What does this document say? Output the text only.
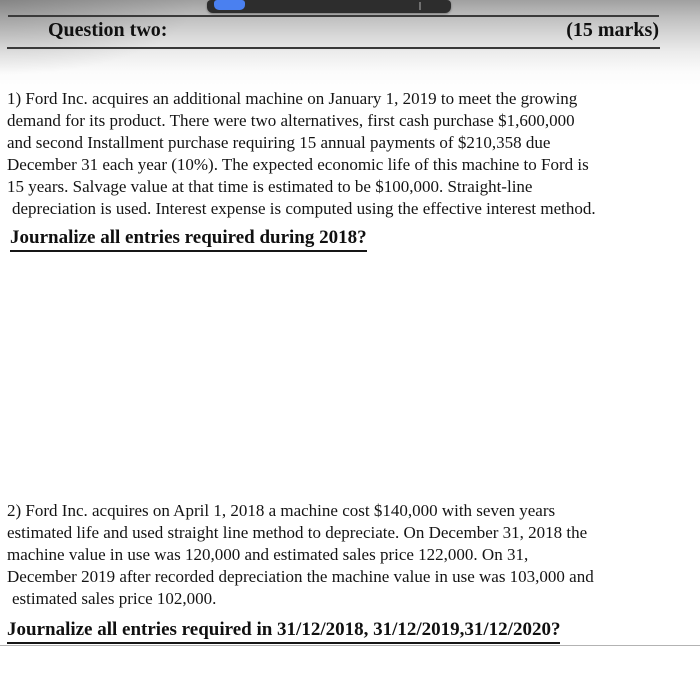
Question two:	(15 marks)
1) Ford Inc. acquires an additional machine on January 1, 2019 to meet the growing
demand for its product. There were two alternatives, first cash purchase $1,600,000
and second Installment purchase requiring 15 annual payments of $210,358 due
December 31 each year (10%). The expected economic life of this machine to Ford is
15 years. Salvage value at that time is estimated to be $100,000. Straight-line
depreciation is used. Interest expense is computed using the effective interest method.
Journalize all entries required during 2018?
2) Ford Inc. acquires on April 1, 2018 a machine cost $140,000 with seven years
estimated life and used straight line method to depreciate. On December 31, 2018 the
machine value in use was 120,000 and estimated sales price 122,000. On 31,
December 2019 after recorded depreciation the machine value in use was 103,000 and
estimated sales price 102,000.
Journalize all entries required in 31/12/2018, 31/12/2019,31/12/2020?
